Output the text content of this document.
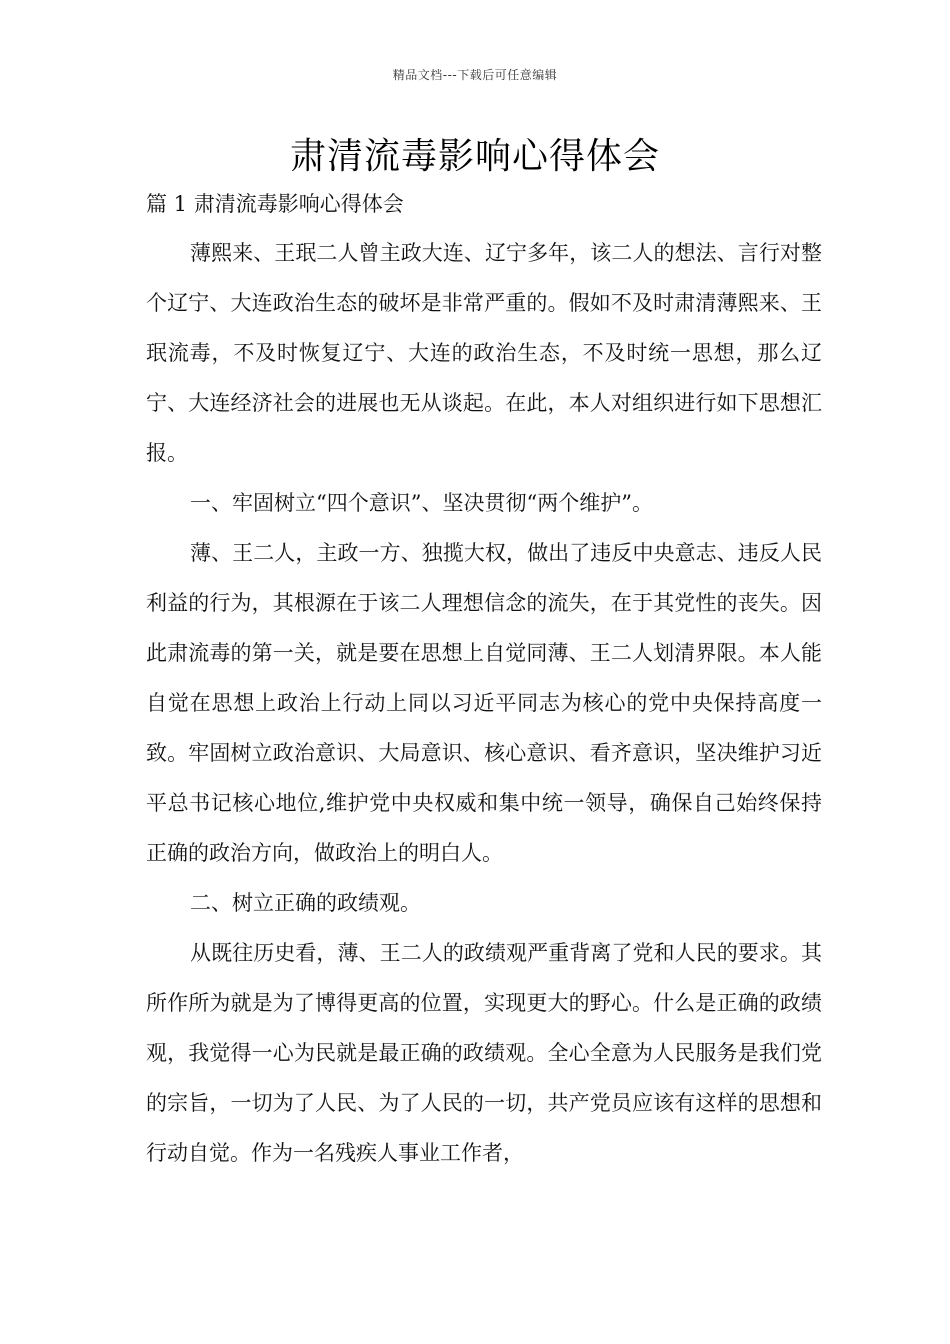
精品文档---下载后可任意编辑
肃清流毒影响心得体会
篇 1 肃清流毒影响心得体会

薄熙来、王珉二人曾主政大连、辽宁多年，该二人的想法、言行对整个辽宁、大连政治生态的破坏是非常严重的。假如不及时肃清薄熙来、王珉流毒，不及时恢复辽宁、大连的政治生态，不及时统一思想，那么辽宁、大连经济社会的进展也无从谈起。在此，本人对组织进行如下思想汇报。

一、牢固树立“四个意识”、坚决贯彻“两个维护”。

薄、王二人，主政一方、独揽大权，做出了违反中央意志、违反人民利益的行为，其根源在于该二人理想信念的流失，在于其党性的丧失。因此肃流毒的第一关，就是要在思想上自觉同薄、王二人划清界限。本人能自觉在思想上政治上行动上同以习近平同志为核心的党中央保持高度一致。牢固树立政治意识、大局意识、核心意识、看齐意识，坚决维护习近平总书记核心地位,维护党中央权威和集中统一领导，确保自己始终保持正确的政治方向，做政治上的明白人。

二、树立正确的政绩观。

从既往历史看，薄、王二人的政绩观严重背离了党和人民的要求。其所作所为就是为了博得更高的位置，实现更大的野心。什么是正确的政绩观，我觉得一心为民就是最正确的政绩观。全心全意为人民服务是我们党的宗旨，一切为了人民、为了人民的一切，共产党员应该有这样的思想和行动自觉。作为一名残疾人事业工作者，
